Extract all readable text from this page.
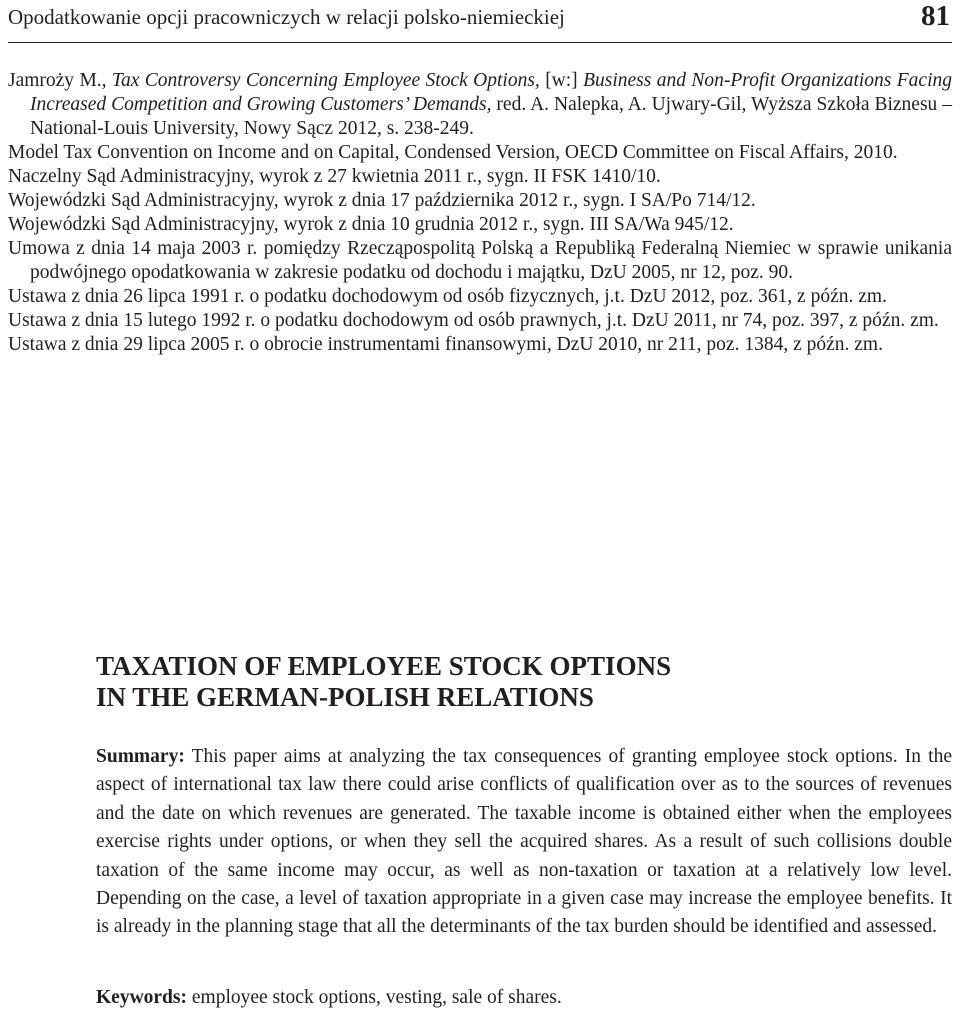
Opodatkowanie opcji pracowniczych w relacji polsko-niemieckiej	81
Jamroży M., Tax Controversy Concerning Employee Stock Options, [w:] Business and Non-Profit Organizations Facing Increased Competition and Growing Customers’ Demands, red. A. Nalepka, A. Ujwary-Gil, Wyższa Szkoła Biznesu – National-Louis University, Nowy Sącz 2012, s. 238-249.
Model Tax Convention on Income and on Capital, Condensed Version, OECD Committee on Fiscal Affairs, 2010.
Naczelny Sąd Administracyjny, wyrok z 27 kwietnia 2011 r., sygn. II FSK 1410/10.
Wojewódzki Sąd Administracyjny, wyrok z dnia 17 października 2012 r., sygn. I SA/Po 714/12.
Wojewódzki Sąd Administracyjny, wyrok z dnia 10 grudnia 2012 r., sygn. III SA/Wa 945/12.
Umowa z dnia 14 maja 2003 r. pomiędzy Rzecząpospolitą Polską a Republiką Federalną Niemiec w sprawie unikania podwójnego opodatkowania w zakresie podatku od dochodu i majątku, DzU 2005, nr 12, poz. 90.
Ustawa z dnia 26 lipca 1991 r. o podatku dochodowym od osób fizycznych, j.t. DzU 2012, poz. 361, z późn. zm.
Ustawa z dnia 15 lutego 1992 r. o podatku dochodowym od osób prawnych, j.t. DzU 2011, nr 74, poz. 397, z późn. zm.
Ustawa z dnia 29 lipca 2005 r. o obrocie instrumentami finansowymi, DzU 2010, nr 211, poz. 1384, z późn. zm.
TAXATION OF EMPLOYEE STOCK OPTIONS
IN THE GERMAN-POLISH RELATIONS

Summary: This paper aims at analyzing the tax consequences of granting employee stock options. In the aspect of international tax law there could arise conflicts of qualification over as to the sources of revenues and the date on which revenues are generated. The taxable income is obtained either when the employees exercise rights under options, or when they sell the acquired shares. As a result of such collisions double taxation of the same income may occur, as well as non-taxation or taxation at a relatively low level. Depending on the case, a level of taxation appropriate in a given case may increase the employee benefits. It is already in the planning stage that all the determinants of the tax burden should be identified and assessed.

Keywords: employee stock options, vesting, sale of shares.
